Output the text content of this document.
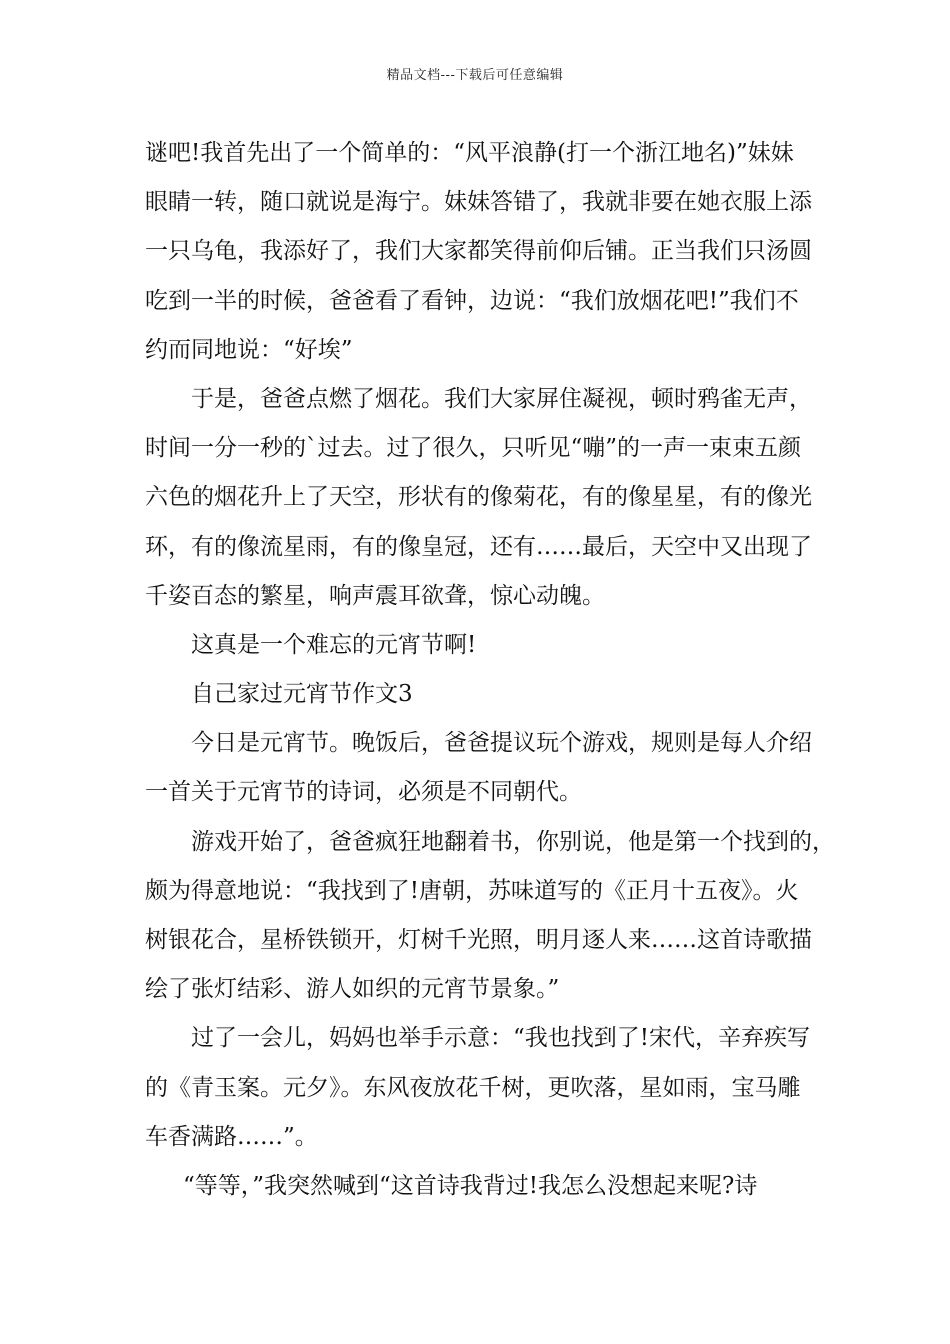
精品文档---下载后可任意编辑
谜吧!我首先出了一个简单的：“风平浪静(打一个浙江地名)”妹妹
眼睛一转，随口就说是海宁。妹妹答错了，我就非要在她衣服上添
一只乌龟，我添好了，我们大家都笑得前仰后铺。正当我们只汤圆
吃到一半的时候，爸爸看了看钟，边说：“我们放烟花吧!”我们不
约而同地说：“好埃”
于是，爸爸点燃了烟花。我们大家屏住凝视，顿时鸦雀无声，
时间一分一秒的`过去。过了很久，只听见“嘣”的一声一束束五颜
六色的烟花升上了天空，形状有的像菊花，有的像星星，有的像光
环，有的像流星雨，有的像皇冠，还有……最后，天空中又出现了
千姿百态的繁星，响声震耳欲聋，惊心动魄。
这真是一个难忘的元宵节啊!
自己家过元宵节作文3
今日是元宵节。晚饭后，爸爸提议玩个游戏，规则是每人介绍
一首关于元宵节的诗词，必须是不同朝代。
游戏开始了，爸爸疯狂地翻着书，你别说，他是第一个找到的，
颇为得意地说：“我找到了!唐朝，苏味道写的《正月十五夜》。火
树银花合，星桥铁锁开，灯树千光照，明月逐人来……这首诗歌描
绘了张灯结彩、游人如织的元宵节景象。”
过了一会儿，妈妈也举手示意：“我也找到了!宋代，辛弃疾写
的《青玉案。元夕》。东风夜放花千树，更吹落，星如雨，宝马雕
车香满路……”。
“等等，”我突然喊到“这首诗我背过!我怎么没想起来呢?诗
